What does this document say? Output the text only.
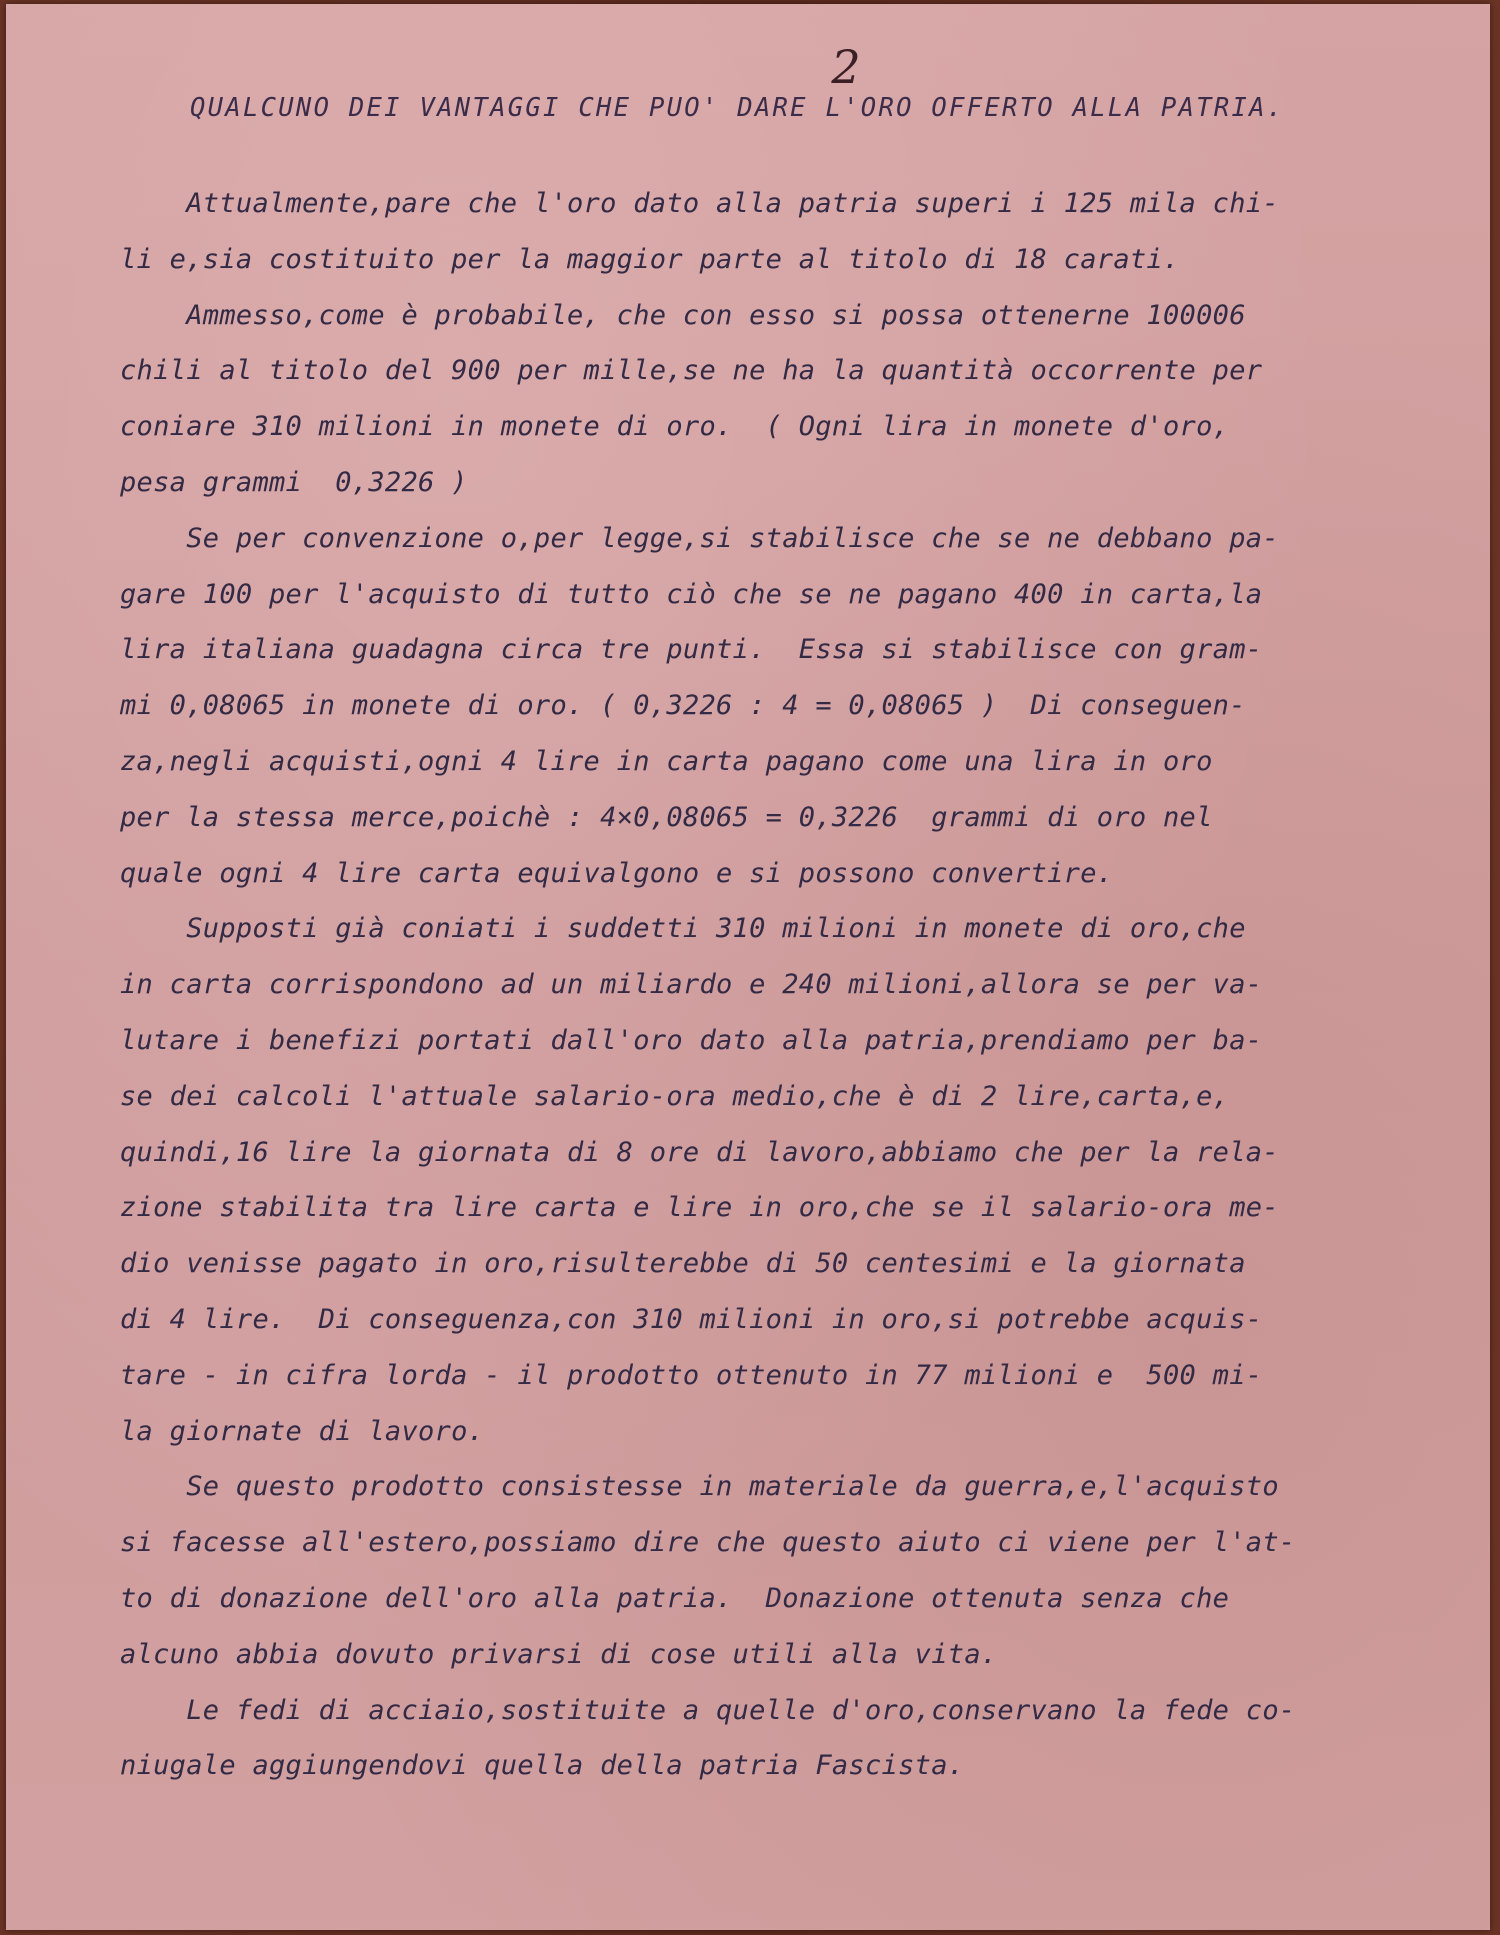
2
QUALCUNO DEI VANTAGGI CHE PUO' DARE L'ORO OFFERTO ALLA PATRIA.
Attualmente,pare che l'oro dato alla patria superi i 125 mila chi-
li e,sia costituito per la maggior parte al titolo di 18 carati.
Ammesso,come è probabile, che con esso si possa ottenerne 100006
chili al titolo del 900 per mille,se ne ha la quantità occorrente per
coniare 310 milioni in monete di oro.  ( Ogni lira in monete d'oro,
pesa grammi  0,3226 )
Se per convenzione o,per legge,si stabilisce che se ne debbano pa-
gare 100 per l'acquisto di tutto ciò che se ne pagano 400 in carta,la
lira italiana guadagna circa tre punti.  Essa si stabilisce con gram-
mi 0,08065 in monete di oro. ( 0,3226 : 4 = 0,08065 )  Di conseguen-
za,negli acquisti,ogni 4 lire in carta pagano come una lira in oro
per la stessa merce,poichè : 4×0,08065 = 0,3226  grammi di oro nel
quale ogni 4 lire carta equivalgono e si possono convertire.
Supposti già coniati i suddetti 310 milioni in monete di oro,che
in carta corrispondono ad un miliardo e 240 milioni,allora se per va-
lutare i benefizi portati dall'oro dato alla patria,prendiamo per ba-
se dei calcoli l'attuale salario-ora medio,che è di 2 lire,carta,e,
quindi,16 lire la giornata di 8 ore di lavoro,abbiamo che per la rela-
zione stabilita tra lire carta e lire in oro,che se il salario-ora me-
dio venisse pagato in oro,risulterebbe di 50 centesimi e la giornata
di 4 lire.  Di conseguenza,con 310 milioni in oro,si potrebbe acquis-
tare - in cifra lorda - il prodotto ottenuto in 77 milioni e  500 mi-
la giornate di lavoro.
Se questo prodotto consistesse in materiale da guerra,e,l'acquisto
si facesse all'estero,possiamo dire che questo aiuto ci viene per l'at-
to di donazione dell'oro alla patria.  Donazione ottenuta senza che
alcuno abbia dovuto privarsi di cose utili alla vita.
Le fedi di acciaio,sostituite a quelle d'oro,conservano la fede co-
niugale aggiungendovi quella della patria Fascista.
